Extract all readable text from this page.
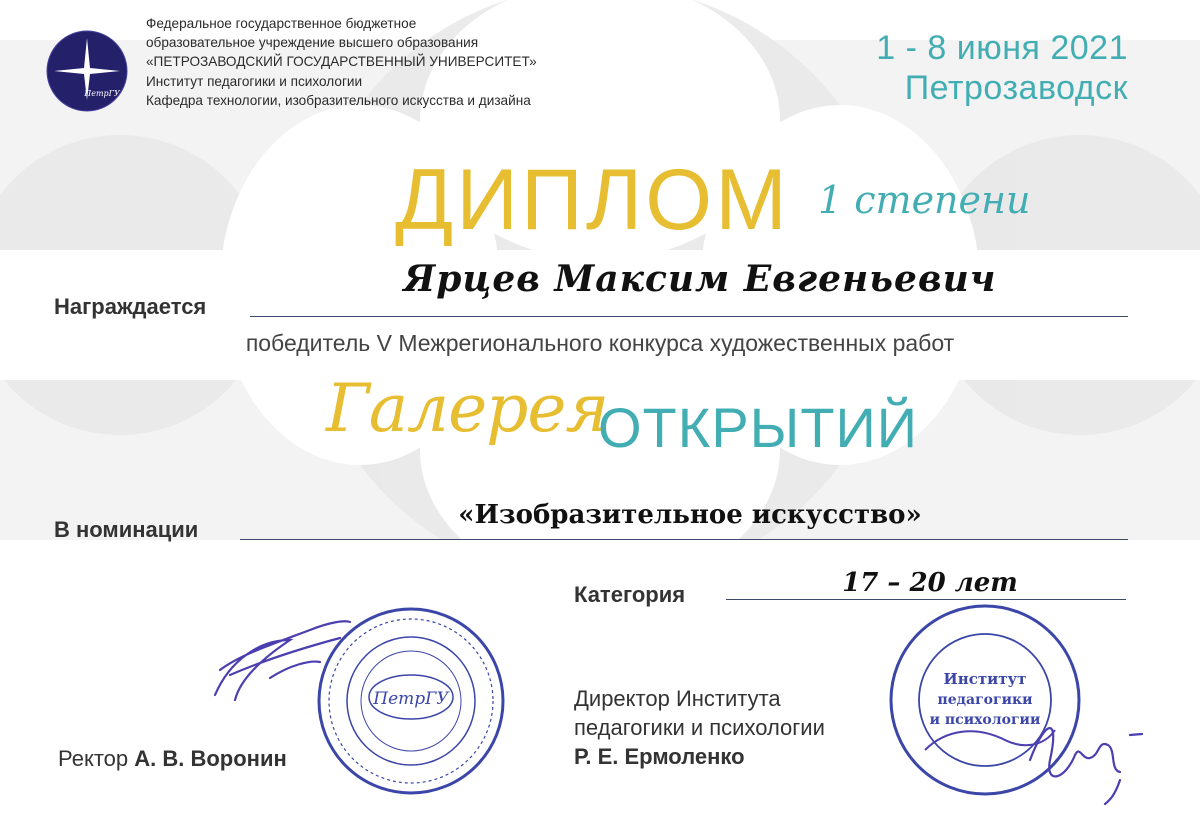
ПетрГУ
Федеральное государственное бюджетное
образовательное учреждение высшего образования
«ПЕТРОЗАВОДСКИЙ ГОСУДАРСТВЕННЫЙ УНИВЕРСИТЕТ»
Институт педагогики и психологии
Кафедра технологии, изобразительного искусства и дизайна
1 - 8 июня 2021
Петрозаводск
ДИПЛОМ 1 степени
Награждается
Ярцев Максим Евгеньевич
победитель V Межрегионального конкурса художественных работ
Галерея
ОТКРЫТИЙ
В номинации	«Изобразительное искусство»
Категория	17 – 20 лет
ПетрГУ
Ректор А. В. Воронин
Институт
педагогики
и психологии
Директор Института
педагогики и психологии
Р. Е. Ермоленко
